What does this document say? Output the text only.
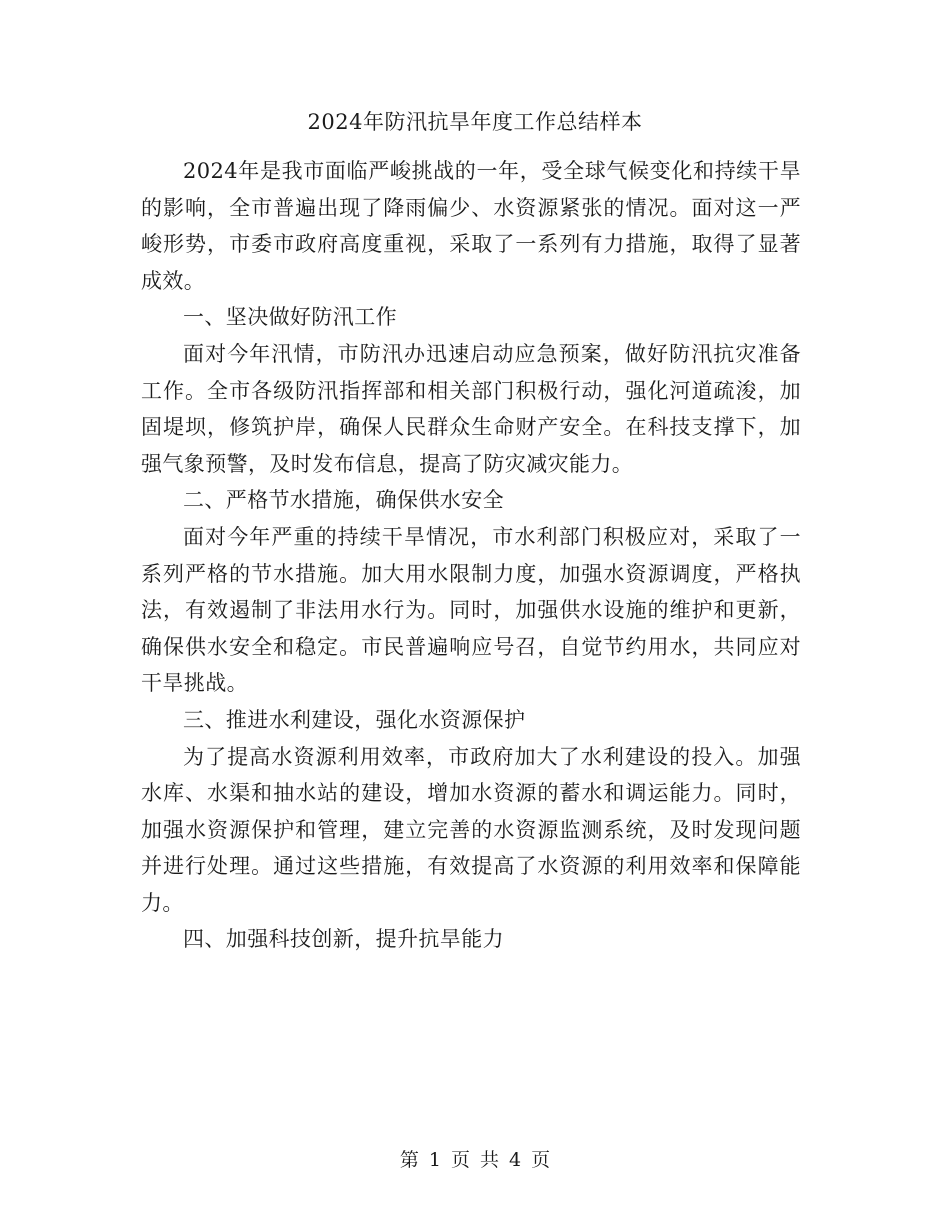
2024年防汛抗旱年度工作总结样本

2024年是我市面临严峻挑战的一年，受全球气候变化和持续干旱的影响，全市普遍出现了降雨偏少、水资源紧张的情况。面对这一严峻形势，市委市政府高度重视，采取了一系列有力措施，取得了显著成效。

一、坚决做好防汛工作

面对今年汛情，市防汛办迅速启动应急预案，做好防汛抗灾准备工作。全市各级防汛指挥部和相关部门积极行动，强化河道疏浚，加固堤坝，修筑护岸，确保人民群众生命财产安全。在科技支撑下，加强气象预警，及时发布信息，提高了防灾减灾能力。

二、严格节水措施，确保供水安全

面对今年严重的持续干旱情况，市水利部门积极应对，采取了一系列严格的节水措施。加大用水限制力度，加强水资源调度，严格执法，有效遏制了非法用水行为。同时，加强供水设施的维护和更新，确保供水安全和稳定。市民普遍响应号召，自觉节约用水，共同应对干旱挑战。

三、推进水利建设，强化水资源保护

为了提高水资源利用效率，市政府加大了水利建设的投入。加强水库、水渠和抽水站的建设，增加水资源的蓄水和调运能力。同时，加强水资源保护和管理，建立完善的水资源监测系统，及时发现问题并进行处理。通过这些措施，有效提高了水资源的利用效率和保障能力。

四、加强科技创新，提升抗旱能力

第 1 页 共 4 页
